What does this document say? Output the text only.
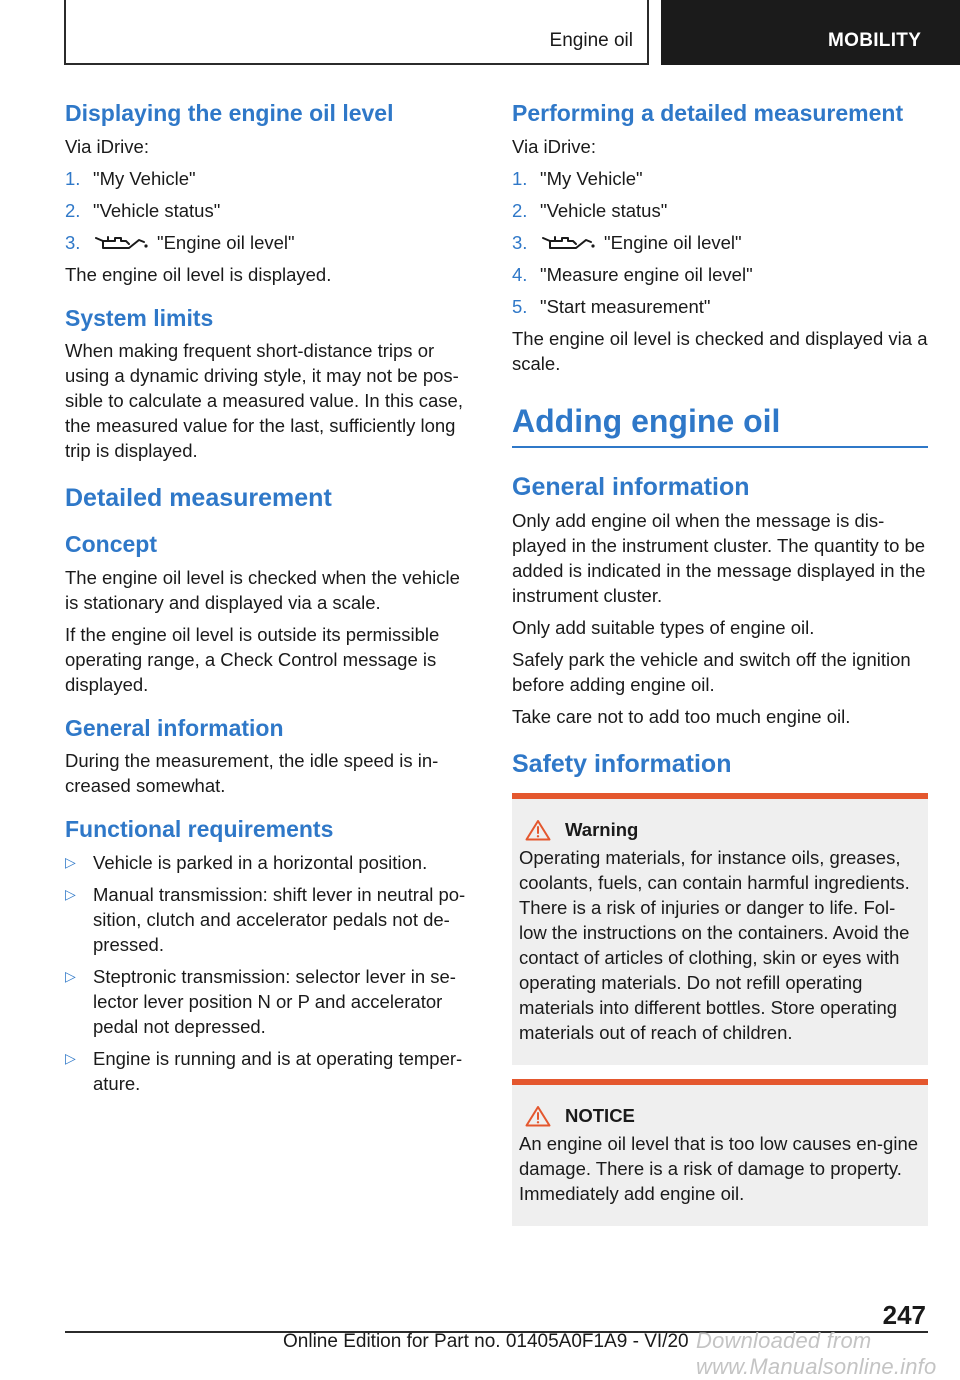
Engine oil	MOBILITY
Displaying the engine oil level

Via iDrive:

1. "My Vehicle"
2. "Vehicle status"
3.	"Engine oil level"

The engine oil level is displayed.

System limits

When making frequent short-distance trips or using a dynamic driving style, it may not be pos-sible to calculate a measured value. In this case, the measured value for the last, sufficiently long trip is displayed.

Detailed measurement
Concept

The engine oil level is checked when the vehicle is stationary and displayed via a scale.

If the engine oil level is outside its permissible operating range, a Check Control message is displayed.

General information

During the measurement, the idle speed is in-creased somewhat.

Functional requirements
▷ Vehicle is parked in a horizontal position.
▷ Manual transmission: shift lever in neutral po-sition, clutch and accelerator pedals not de-pressed.
▷ Steptronic transmission: selector lever in se-lector lever position N or P and accelerator pedal not depressed.
▷ Engine is running and is at operating temper-ature.
Performing a detailed measurement

Via iDrive:

1. "My Vehicle"
2. "Vehicle status"
3.	"Engine oil level"
4. "Measure engine oil level"
5. "Start measurement"

The engine oil level is checked and displayed via a scale.

Adding engine oil
General information

Only add engine oil when the message is dis-played in the instrument cluster. The quantity to be added is indicated in the message displayed in the instrument cluster.

Only add suitable types of engine oil.

Safely park the vehicle and switch off the ignition before adding engine oil.

Take care not to add too much engine oil.

Safety information
Warning

Operating materials, for instance oils, greases, coolants, fuels, can contain harmful ingredients. There is a risk of injuries or danger to life. Fol-low the instructions on the containers. Avoid the contact of articles of clothing, skin or eyes with operating materials. Do not refill operating materials into different bottles. Store operating materials out of reach of children.

NOTICE

An engine oil level that is too low causes en-gine damage. There is a risk of damage to property. Immediately add engine oil.

247
Online Edition for Part no. 01405A0F1A9 - VI/20 Downloaded from www.Manualsonline.info
